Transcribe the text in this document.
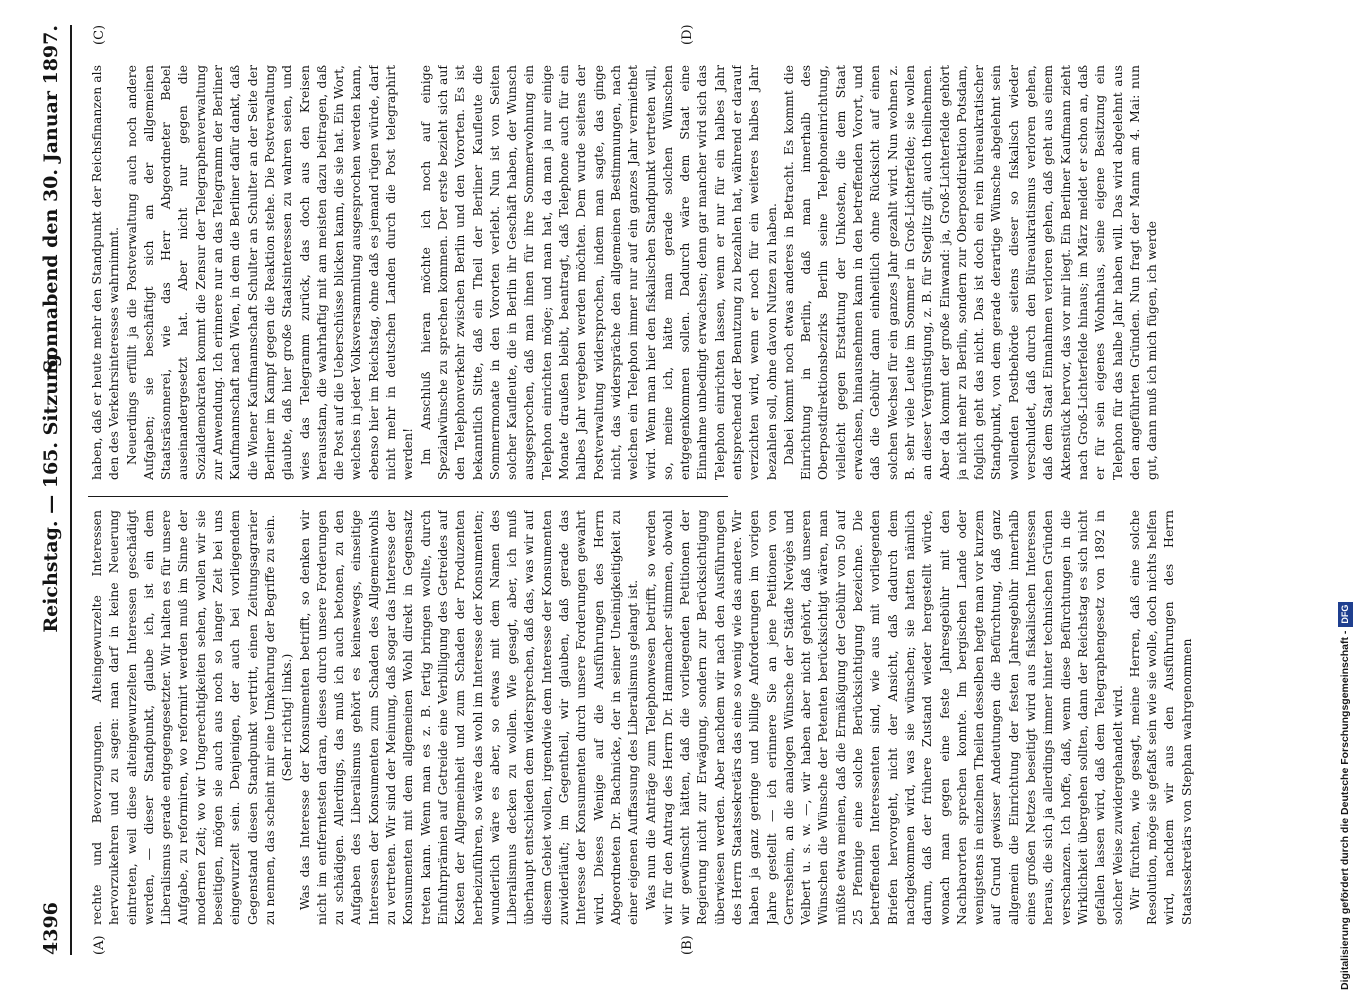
4396
Reichstag. — 165. Sitzung.
Sonnabend den 30. Januar 1897.
(A)	(B)
(C)	(D)

rechte und Bevorzugungen. Alteingewurzelte Interessen hervorzukehren und zu sagen: man darf in keine Neuerung eintreten, weil diese alteingewurzelten Interessen geschädigt werden, — dieser Standpunkt, glaube ich, ist ein dem Liberalismus gerade entgegengesetzter. Wir halten es für unsere Aufgabe, zu reformiren, wo reformirt werden muß im Sinne der modernen Zeit; wo wir Ungerechtigkeiten sehen, wollen wir sie beseitigen, mögen sie auch aus noch so langer Zeit bei uns eingewurzelt sein. Denjenigen, der auch bei vorliegendem Gegenstand diesen Standpunkt vertritt, einen Zeitungsagrarier zu nennen, das scheint mir eine Umkehrung der Begriffe zu sein. (Sehr richtig! links.) Was das Interesse der Konsumenten betrifft, so denken wir nicht im entferntesten daran, dieses durch unsere Forderungen zu schädigen. Allerdings, das muß ich auch betonen, zu den Aufgaben des Liberalismus gehört es keineswegs, einseitige Interessen der Konsumenten zum Schaden des Allgemeinwohls zu vertreten. Wir sind der Meinung, daß sogar das Interesse der Konsumenten mit dem allgemeinen Wohl direkt in Gegensatz treten kann. Wenn man es z. B. fertig bringen wollte, durch Einfuhrprämien auf Getreide eine Verbilligung des Getreides auf Kosten der Allgemeinheit und zum Schaden der Produzenten herbeizuführen, so wäre das wohl im Interesse der Konsumenten; wunderlich wäre es aber, so etwas mit dem Namen des Liberalismus decken zu wollen. Wie gesagt, aber, ich muß überhaupt entschieden dem widersprechen, daß das, was wir auf diesem Gebiet wollen, irgendwie dem Interesse der Konsumenten zuwiderläuft; im Gegentheil, wir glauben, daß gerade das Interesse der Konsumenten durch unsere Forderungen gewahrt wird. Dieses Wenige auf die Ausführungen des Herrn Abgeordneten Dr. Bachnicke, der in seiner Uneinigkeitigkeit zu einer eigenen Auffassung des Liberalismus gelangt ist. Was nun die Anträge zum Telephonwesen betrifft, so werden wir für den Antrag des Herrn Dr. Hammacher stimmen, obwohl wir gewünscht hätten, daß die vorliegenden Petitionen der Regierung nicht zur Erwägung, sondern zur Berücksichtigung überwiesen werden. Aber nachdem wir nach den Ausführungen des Herrn Staatssekretärs das eine so wenig wie das andere. Wir haben ja ganz geringe und billige Anforderungen im vorigen Jahre gestellt — ich erinnere Sie an jene Petitionen von Gerresheim, an die analogen Wünsche der Städte Nevigès und Velbert u. s. w. —, wir haben aber nicht gehört, daß unseren Wünschen die Wünsche der Petenten berücksichtigt wären, man müßte etwa meinen, daß die Ermäßigung der Gebühr von 50 auf 25 Pfennige eine solche Berücksichtigung bezeichne. Die betreffenden Interessenten sind, wie aus mit vorliegenden Briefen hervorgeht, nicht der Ansicht, daß dadurch dem nachgekommen wird, was sie wünschen; sie hatten nämlich darum, daß der frühere Zustand wieder hergestellt würde, wonach man gegen eine feste Jahresgebühr mit den Nachbarorten sprechen konnte. Im bergischen Lande oder wenigstens in einzelnen Theilen desselben hegte man vor kurzem auf Grund gewisser Andeutungen die Befürchtung, daß ganz allgemein die Einrichtung der festen Jahresgebühr innerhalb eines großen Netzes beseitigt wird aus fiskalischen Interessen heraus, die sich ja allerdings immer hinter technischen Gründen verschanzen. Ich hoffe, daß, wenn diese Befürchtungen in die Wirklichkeit übergehen sollten, dann der Reichstag es sich nicht gefallen lassen wird, daß dem Telegraphengesetz von 1892 in solcher Weise zuwidergehandelt wird. Wir fürchten, wie gesagt, meine Herren, daß eine solche Resolution, möge sie gefaßt sein wie sie wolle, doch nichts helfen wird, nachdem wir aus den Ausführungen des Herrn Staatssekretärs von Stephan wahrgenommen

haben, daß er heute mehr den Standpunkt der Reichsfinanzen als den des Verkehrsinteresses wahrnimmt. Neuerdings erfüllt ja die Postverwaltung auch noch andere Aufgaben; sie beschäftigt sich an der allgemeinen Staatsräsonnerei, wie das Herr Abgeordneter Bebel auseinandergesetzt hat. Aber nicht nur gegen die Sozialdemokraten kommt die Zensur der Telegraphenverwaltung zur Anwendung. Ich erinnere nur an das Telegramm der Berliner Kaufmannschaft nach Wien, in dem die Berliner dafür dankt, daß die Wiener Kaufmannschaft Schulter an Schulter an der Seite der Berliner im Kampf gegen die Reaktion stehe. Die Postverwaltung glaubte, daß hier große Staatsinteressen zu wahren seien, und wies das Telegramm zurück, das doch aus den Kreisen herausstam, die wahrhaftig mit am meisten dazu beitragen, daß die Post auf die Ueberschüsse blicken kann, die sie hat. Ein Wort, welches in jeder Volksversammlung ausgesprochen werden kann, ebenso hier im Reichstag, ohne daß es jemand rügen würde, darf nicht mehr in deutschen Landen durch die Post telegraphirt werden! Im Anschluß hieran möchte ich noch auf einige Spezialwünsche zu sprechen kommen. Der erste bezieht sich auf den Telephonverkehr zwischen Berlin und den Vororten. Es ist bekanntlich Sitte, daß ein Theil der Berliner Kaufleute die Sommermonate in den Vororten verlebt. Nun ist von Seiten solcher Kaufleute, die in Berlin ihr Geschäft haben, der Wunsch ausgesprochen, daß man ihnen für ihre Sommerwohnung ein Telephon einrichten möge; und man hat, da man ja nur einige Monate draußen bleibt, beantragt, daß Telephone auch für ein halbes Jahr vergeben werden möchten. Dem wurde seitens der Postverwaltung widersprochen, indem man sagte, das ginge nicht, das widerspräche den allgemeinen Bestimmungen, nach welchen ein Telephon immer nur auf ein ganzes Jahr vermiethet wird. Wenn man hier den fiskalischen Standpunkt vertreten will, so, meine ich, hätte man gerade solchen Wünschen entgegenkommen sollen. Dadurch wäre dem Staat eine Einnahme unbedingt erwachsen; denn gar mancher wird sich das Telephon einrichten lassen, wenn er nur für ein halbes Jahr entsprechend der Benutzung zu bezahlen hat, während er darauf verzichten wird, wenn er noch für ein weiteres halbes Jahr bezahlen soll, ohne davon Nutzen zu haben. Dabei kommt noch etwas anderes in Betracht. Es kommt die Einrichtung in Berlin, daß man innerhalb des Oberpostdirektionsbezirks Berlin seine Telephoneinrichtung, vielleicht gegen Erstattung der Unkosten, die dem Staat erwachsen, hinausnehmen kann in den betreffenden Vorort, und daß die Gebühr dann einheitlich ohne Rücksicht auf einen solchen Wechsel für ein ganzes Jahr gezahlt wird. Nun wohnen z. B. sehr viele Leute im Sommer in Groß-Lichterfelde; sie wollen an dieser Vergünstigung, z. B. für Steglitz gilt, auch theilnehmen. Aber da kommt der große Einwand: ja, Groß-Lichterfelde gehört ja nicht mehr zu Berlin, sondern zur Oberpostdirektion Potsdam, folglich geht das nicht. Das ist doch ein rein büreaukratischer Standpunkt, von dem gerade derartige Wünsche abgelehnt sein wollenden Postbehörde seitens dieser so fiskalisch wieder verschuldet, daß durch den Büreaukratismus verloren gehen, daß dem Staat Einnahmen verloren gehen, daß geht aus einem Aktenstück hervor, das vor mir liegt. Ein Berliner Kaufmann zieht nach Groß-Lichterfelde hinaus; im März meldet er schon an, daß er für sein eigenes Wohnhaus, seine eigene Besitzung ein Telephon für das halbe Jahr haben will. Das wird abgelehnt aus den angeführten Gründen. Nun fragt der Mann am 4. Mai: nun gut, dann muß ich mich fügen, ich werde

Digitalisierung gefördert durch die Deutsche Forschungsgemeinschaft -DFG
